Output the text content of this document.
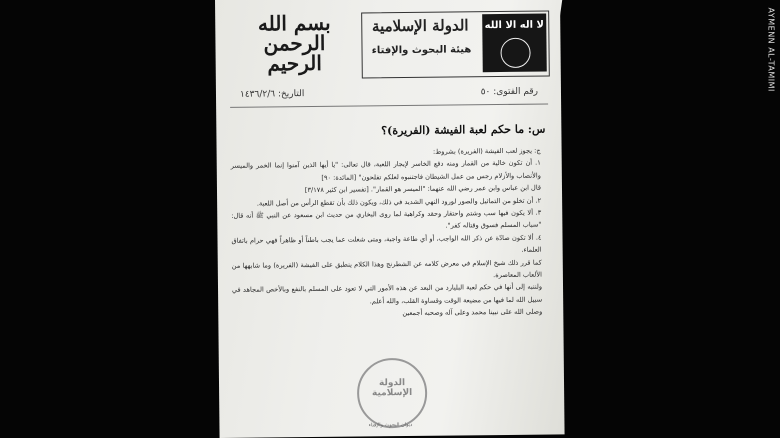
بسم الله الرحمن الرحيم
الدولة الإسلامية
هيئة البحوث والإفتاء
لا اله الا الله
رقم الفتوى: ٥٠
التاريخ: ١٤٣٦/٢/٦
س: ما حكم لعبة الفيشة (الفريرة)؟

ج: يجوز لعب الفيشة (الفريرة) بشروط:

١. أن تكون خالية من القمار ومنه دفع الخاسر لإيجار اللعبة، قال تعالى: "يا أيها الذين آمنوا إنما الخمر والميسر والأنصاب والأزلام رجس من عمل الشيطان فاجتنبوه لعلكم تفلحون" [المائدة: ٩٠]

قال ابن عباس وابن عمر رضي الله عنهما: "الميسر هو القمار". [تفسير ابن كثير ٣/١٧٨]

٢. أن تخلو من التماثيل والصور لورود النهي الشديد في ذلك، ويكون ذلك بأن تقطع الرأس من أصل اللعبة.

٣. ألا يكون فيها سب وشتم واحتقار وحقد وكراهية لما روى البخاري من حديث ابن مسعود عن النبي ﷺ أنه قال: "سباب المسلم فسوق وقتاله كفر".

٤. ألا تكون صادّة عن ذكر الله الواجب، أو أي طاعة واجبة، ومتى شغلت عما يجب باطناً أو ظاهراً فهي حرام باتفاق العلماء.

كما قرر ذلك شيخ الإسلام في معرض كلامه عن الشطرنج وهذا الكلام ينطبق على الفيشة (الفريرة) وما شابهها من الألعاب المعاصرة.

ولننبه إلى أنها في حكم لعبة البليارد من البعد عن هذه الأمور التي لا تعود على المسلم بالنفع وبالأخص المجاهد في سبيل الله لما فيها من مضيعة الوقت وقساوة القلب، والله أعلم.

وصلى الله على نبينا محمد وعلى آله وصحبه أجمعين

الدولة الإسلامية
ديوان البحوث والإفتاء
AYMENN AL-TAMIMI
